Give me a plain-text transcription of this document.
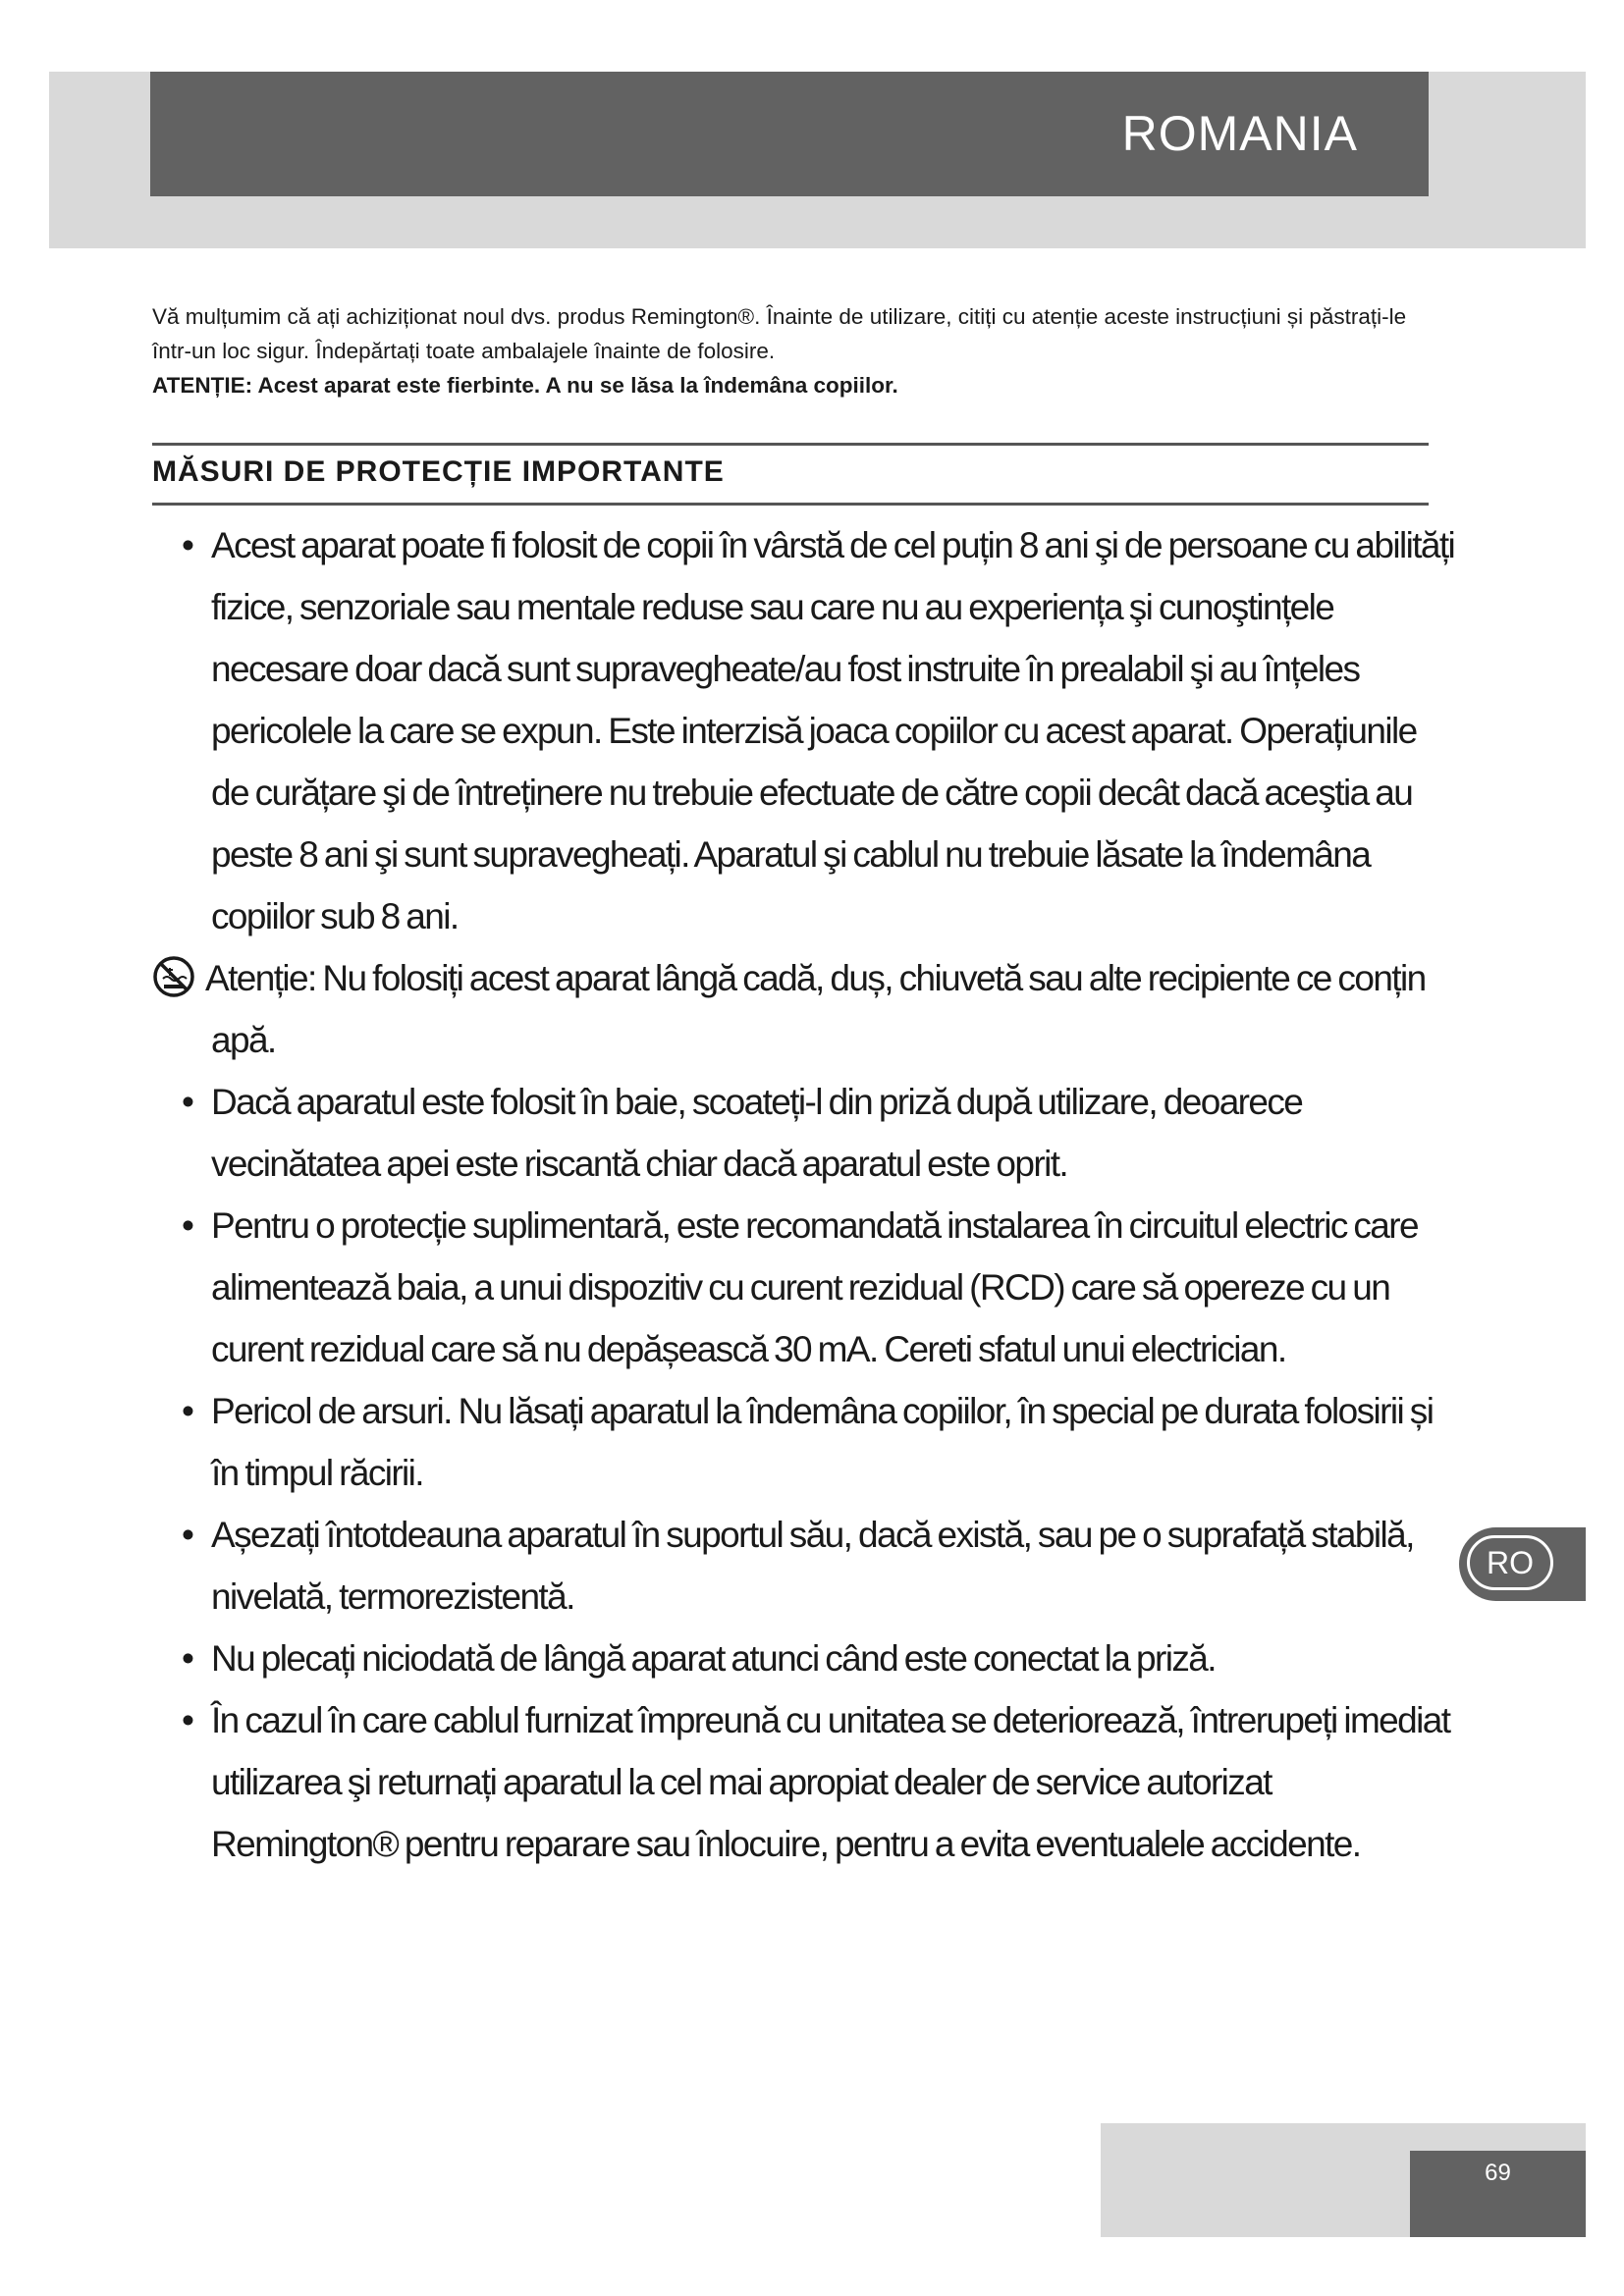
ROMANIA

Vă mulțumim că ați achiziționat noul dvs. produs Remington®. Înainte de utilizare, citiți cu atenție aceste instrucțiuni și păstrați-le într-un loc sigur. Îndepărtați toate ambalajele înainte de folosire.

ATENȚIE: Acest aparat este fierbinte. A nu se lăsa la îndemâna copiilor.

MĂSURI DE PROTECȚIE IMPORTANTE

• Acest aparat poate fi folosit de copii în vârstă de cel puțin 8 ani şi de persoane cu abilități fizice, senzoriale sau mentale reduse sau care nu au experiența şi cunoştințele necesare doar dacă sunt supravegheate/au fost instruite în prealabil şi au înțeles pericolele la care se expun. Este interzisă joaca copiilor cu acest aparat. Operațiunile de curățare şi de întreținere nu trebuie efectuate de către copii decât dacă aceştia au peste 8 ani şi sunt supravegheați. Aparatul şi cablul nu trebuie lăsate la îndemâna copiilor sub 8 ani.

Atenție: Nu folosiți acest aparat lângă cadă, duș, chiuvetă sau alte recipiente ce conțin apă.

• Dacă aparatul este folosit în baie, scoateți-l din priză după utilizare, deoarece vecinătatea apei este riscantă chiar dacă aparatul este oprit.

• Pentru o protecție suplimentară, este recomandată instalarea în circuitul electric care alimentează baia, a unui dispozitiv cu curent rezidual (RCD) care să opereze cu un curent rezidual care să nu depășească 30 mA. Cereti sfatul unui electrician.

• Pericol de arsuri. Nu lăsați aparatul la îndemâna copiilor, în special pe durata folosirii și în timpul răcirii.

• Așezați întotdeauna aparatul în suportul său, dacă există, sau pe o suprafață stabilă, nivelată, termorezistentă.

• Nu plecați niciodată de lângă aparat atunci când este conectat la priză.

• În cazul în care cablul furnizat împreună cu unitatea se deteriorează, întrerupeți imediat utilizarea şi returnați aparatul la cel mai apropiat dealer de service autorizat Remington® pentru reparare sau înlocuire, pentru a evita eventualele accidente.

RO
69
